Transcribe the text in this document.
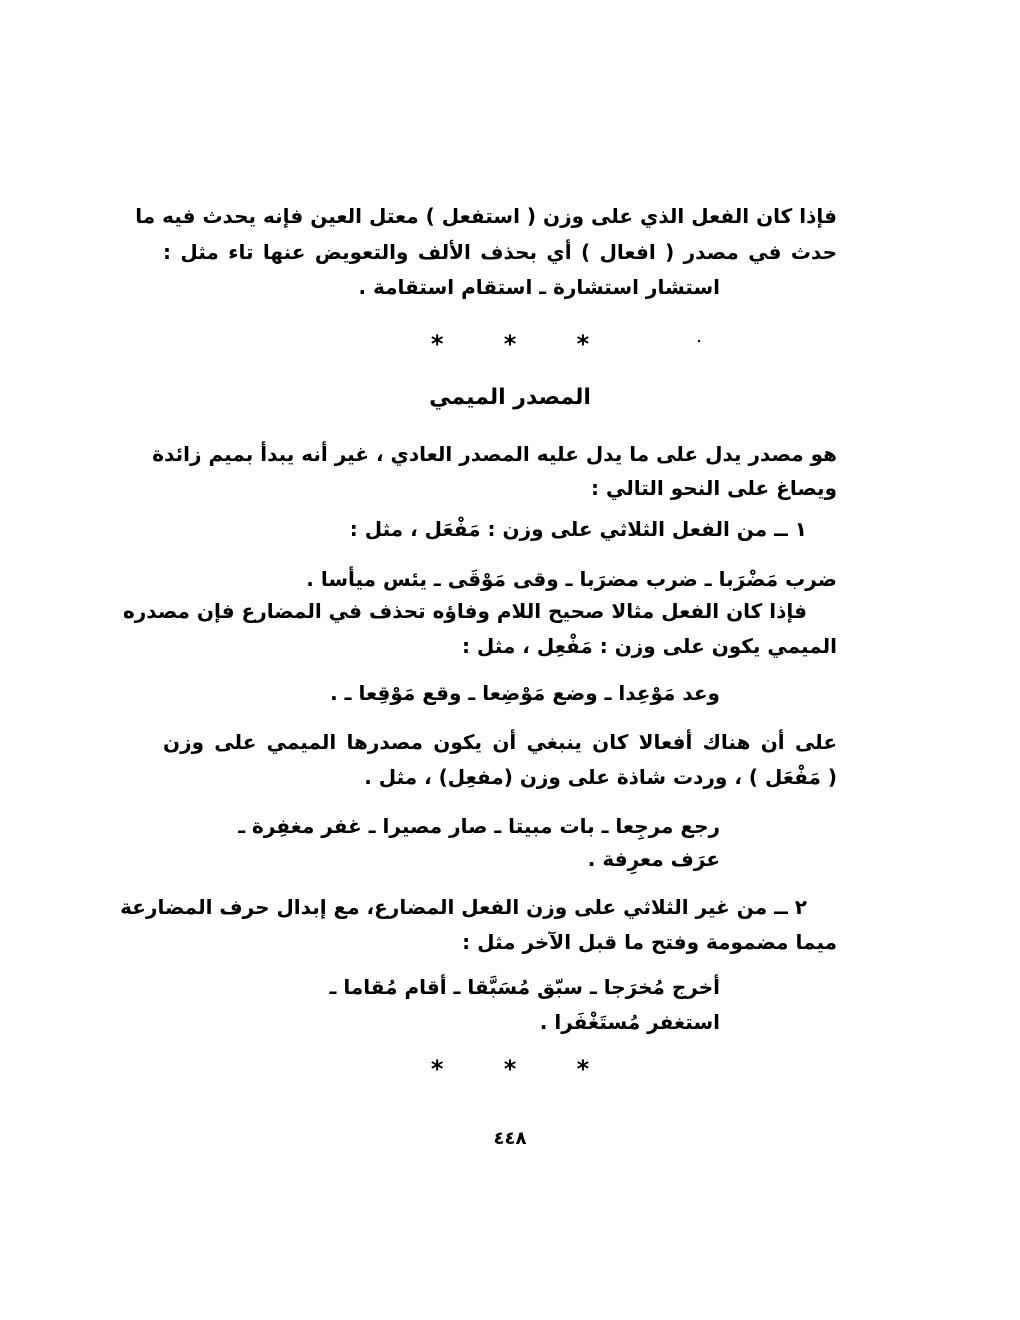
فإذا كان الفعل الذي على وزن ( استفعل ) معتل العين فإنه يحدث فيه ما
حدث في مصدر ( افعال ) أي بحذف الألف والتعويض عنها تاء مثل :
استشار استشارة ـ استقام استقامة .
* * *
المصدر الميمي
هو مصدر يدل على ما يدل عليه المصدر العادي ، غير أنه يبدأ بميم زائدة
ويصاغ على النحو التالي :
١ ــ من الفعل الثلاثي على وزن : مَفْعَل ، مثل :
ضرب مَضْرَبا ـ ضرب مضرَبا ـ وقى مَوْقَى ـ يئس ميأسا .
فإذا كان الفعل مثالا صحيح اللام وفاؤه تحذف في المضارع فإن مصدره
الميمي يكون على وزن : مَفْعِل ، مثل :
وعد مَوْعِدا ـ وضع مَوْضِعا ـ وقع مَوْقِعا ـ .
على أن هناك أفعالا كان ينبغي أن يكون مصدرها الميمي على وزن
( مَفْعَل ) ، وردت شاذة على وزن (مفعِل) ، مثل .
رجع مرجِعا ـ بات مبيتا ـ صار مصيرا ـ غفر مغفِرة ـ
عرَف معرِفة .
٢ ــ من غير الثلاثي على وزن الفعل المضارع، مع إبدال حرف المضارعة
ميما مضمومة وفتح ما قبل الآخر مثل :
أخرج مُخرَجا ـ سبّق مُسَبَّقا ـ أقام مُقاما ـ
استغفر مُستَغْفَرا .
* * *
٤٤٨
